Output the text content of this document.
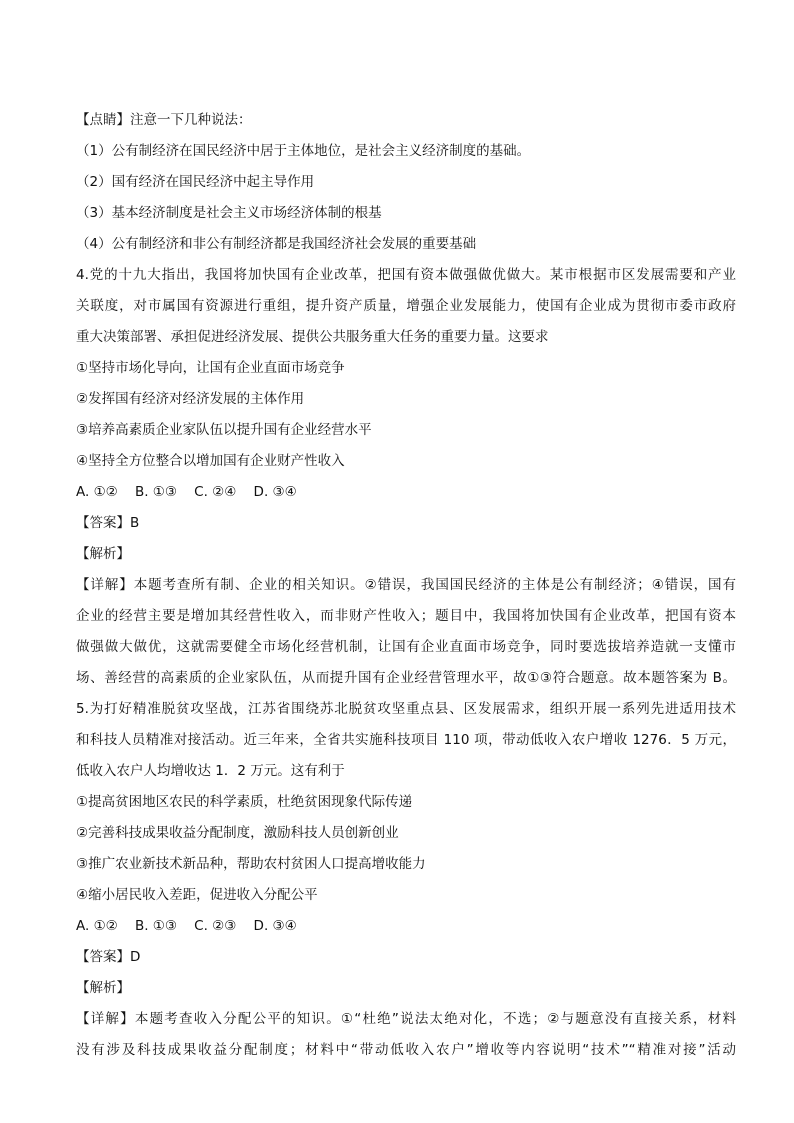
【点睛】注意一下几种说法：
（1）公有制经济在国民经济中居于主体地位，是社会主义经济制度的基础。
（2）国有经济在国民经济中起主导作用
（3）基本经济制度是社会主义市场经济体制的根基
（4）公有制经济和非公有制经济都是我国经济社会发展的重要基础
4.党的十九大指出，我国将加快国有企业改革，把国有资本做强做优做大。某市根据市区发展需要和产业
关联度，对市属国有资源进行重组，提升资产质量，增强企业发展能力，使国有企业成为贯彻市委市政府
重大决策部署、承担促进经济发展、提供公共服务重大任务的重要力量。这要求
①坚持市场化导向，让国有企业直面市场竞争
②发挥国有经济对经济发展的主体作用
③培养高素质企业家队伍以提升国有企业经营水平
④坚持全方位整合以增加国有企业财产性收入
A. ①②    B. ①③    C. ②④    D. ③④
【答案】B
【解析】
【详解】本题考查所有制、企业的相关知识。②错误，我国国民经济的主体是公有制经济；④错误，国有
企业的经营主要是增加其经营性收入，而非财产性收入；题目中，我国将加快国有企业改革，把国有资本
做强做大做优，这就需要健全市场化经营机制，让国有企业直面市场竞争，同时要选拔培养造就一支懂市
场、善经营的高素质的企业家队伍，从而提升国有企业经营管理水平，故①③符合题意。故本题答案为 B。
5.为打好精准脱贫攻坚战，江苏省围绕苏北脱贫攻坚重点县、区发展需求，组织开展一系列先进适用技术
和科技人员精准对接活动。近三年来，全省共实施科技项目 110 项，带动低收入农户增收 1276．5 万元，
低收入农户人均增收达 1．2 万元。这有利于
①提高贫困地区农民的科学素质，杜绝贫困现象代际传递
②完善科技成果收益分配制度，激励科技人员创新创业
③推广农业新技术新品种，帮助农村贫困人口提高增收能力
④缩小居民收入差距，促进收入分配公平
A. ①②    B. ①③    C. ②③    D. ③④
【答案】D
【解析】
【详解】本题考查收入分配公平的知识。①“杜绝”说法太绝对化，不选；②与题意没有直接关系，材料
没有涉及科技成果收益分配制度；材料中“带动低收入农户”增收等内容说明“技术”“精准对接”活动
